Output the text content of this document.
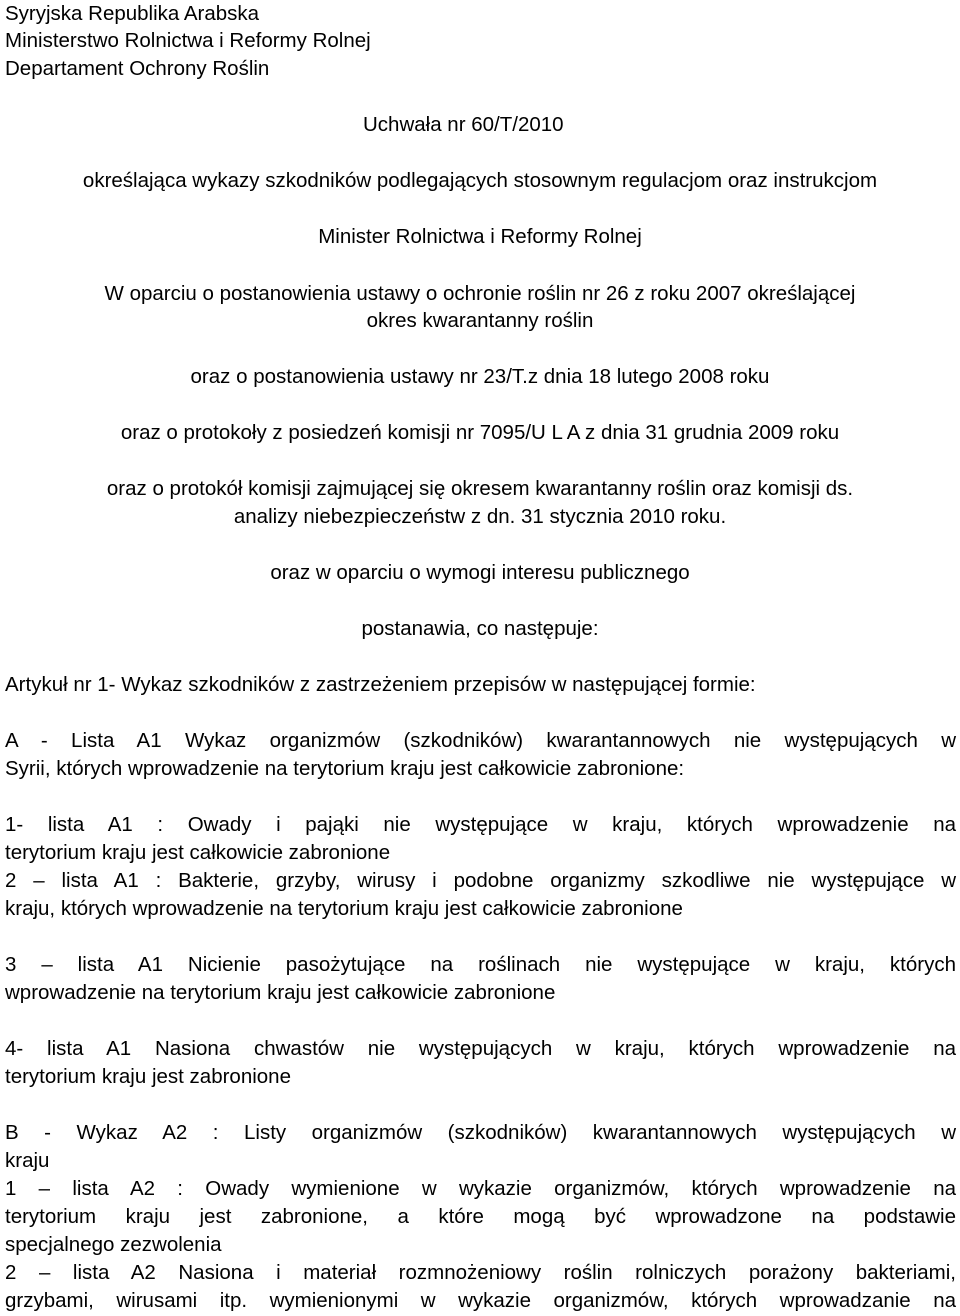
Syryjska Republika Arabska

Ministerstwo Rolnictwa i Reformy Rolnej

Departament Ochrony Roślin

Uchwała nr 60/T/2010

określająca wykazy szkodników podlegających stosownym regulacjom oraz instrukcjom

Minister Rolnictwa i Reformy Rolnej

W oparciu o postanowienia ustawy o ochronie roślin nr 26 z roku 2007 określającej

okres kwarantanny roślin

oraz o postanowienia ustawy nr 23/T.z dnia 18 lutego 2008 roku

oraz o protokoły z posiedzeń komisji nr 7095/U L A z dnia 31 grudnia 2009 roku

oraz o protokół komisji zajmującej się okresem kwarantanny roślin oraz komisji ds.

analizy niebezpieczeństw z dn. 31 stycznia 2010 roku.

oraz w oparciu o wymogi interesu publicznego

postanawia, co następuje:

Artykuł nr 1- Wykaz szkodników z zastrzeżeniem przepisów w następującej formie:

A - Lista A1 Wykaz organizmów (szkodników) kwarantannowych nie występujących w

Syrii, których wprowadzenie na terytorium kraju jest całkowicie zabronione:

1- lista A1 : Owady i pająki nie występujące w kraju, których wprowadzenie na

terytorium kraju jest całkowicie zabronione

2 – lista A1 : Bakterie, grzyby, wirusy i podobne organizmy szkodliwe nie występujące w

kraju, których wprowadzenie na terytorium kraju jest całkowicie zabronione

3 – lista A1 Nicienie pasożytujące na roślinach nie występujące w kraju, których

wprowadzenie na terytorium kraju jest całkowicie zabronione

4- lista A1 Nasiona chwastów nie występujących w kraju, których wprowadzenie na

terytorium kraju jest zabronione

B - Wykaz A2 : Listy organizmów (szkodników) kwarantannowych występujących w

kraju

1 – lista A2 : Owady wymienione w wykazie organizmów, których wprowadzenie na

terytorium kraju jest zabronione, a które mogą być wprowadzone na podstawie

specjalnego zezwolenia

2 – lista A2 Nasiona i materiał rozmnożeniowy roślin rolniczych porażony bakteriami,

grzybami, wirusami itp. wymienionymi w wykazie organizmów, których wprowadzanie na
